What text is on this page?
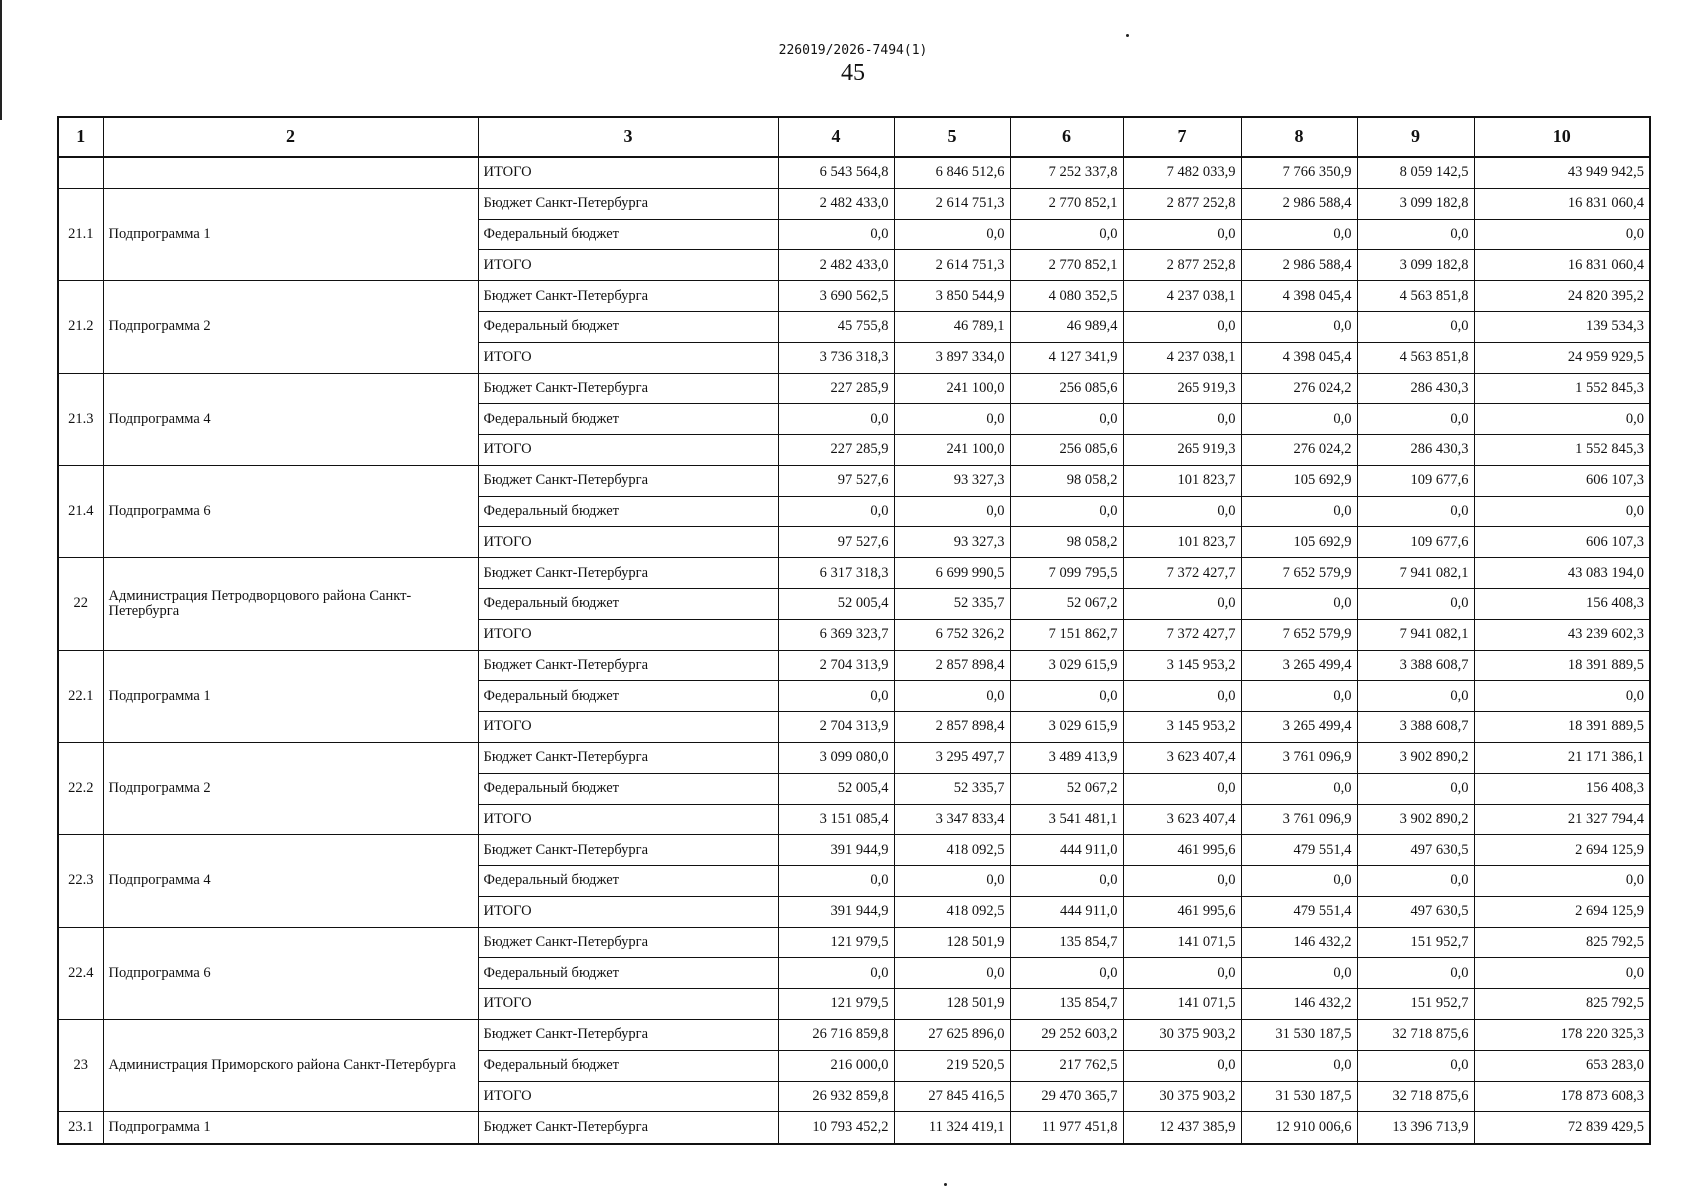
226019/2026-7494(1)
45
1	2	3	4	5	6	7	8	9	10
		ИТОГО	6 543 564,8	6 846 512,6	7 252 337,8	7 482 033,9	7 766 350,9	8 059 142,5	43 949 942,5
21.1	Подпрограмма 1	Бюджет Санкт-Петербурга	2 482 433,0	2 614 751,3	2 770 852,1	2 877 252,8	2 986 588,4	3 099 182,8	16 831 060,4
		Федеральный бюджет	0,0	0,0	0,0	0,0	0,0	0,0	0,0
		ИТОГО	2 482 433,0	2 614 751,3	2 770 852,1	2 877 252,8	2 986 588,4	3 099 182,8	16 831 060,4
21.2	Подпрограмма 2	Бюджет Санкт-Петербурга	3 690 562,5	3 850 544,9	4 080 352,5	4 237 038,1	4 398 045,4	4 563 851,8	24 820 395,2
		Федеральный бюджет	45 755,8	46 789,1	46 989,4	0,0	0,0	0,0	139 534,3
		ИТОГО	3 736 318,3	3 897 334,0	4 127 341,9	4 237 038,1	4 398 045,4	4 563 851,8	24 959 929,5
21.3	Подпрограмма 4	Бюджет Санкт-Петербурга	227 285,9	241 100,0	256 085,6	265 919,3	276 024,2	286 430,3	1 552 845,3
		Федеральный бюджет	0,0	0,0	0,0	0,0	0,0	0,0	0,0
		ИТОГО	227 285,9	241 100,0	256 085,6	265 919,3	276 024,2	286 430,3	1 552 845,3
21.4	Подпрограмма 6	Бюджет Санкт-Петербурга	97 527,6	93 327,3	98 058,2	101 823,7	105 692,9	109 677,6	606 107,3
		Федеральный бюджет	0,0	0,0	0,0	0,0	0,0	0,0	0,0
		ИТОГО	97 527,6	93 327,3	98 058,2	101 823,7	105 692,9	109 677,6	606 107,3
22	Администрация Петродворцового района Санкт-Петербурга	Бюджет Санкт-Петербурга	6 317 318,3	6 699 990,5	7 099 795,5	7 372 427,7	7 652 579,9	7 941 082,1	43 083 194,0
		Федеральный бюджет	52 005,4	52 335,7	52 067,2	0,0	0,0	0,0	156 408,3
		ИТОГО	6 369 323,7	6 752 326,2	7 151 862,7	7 372 427,7	7 652 579,9	7 941 082,1	43 239 602,3
22.1	Подпрограмма 1	Бюджет Санкт-Петербурга	2 704 313,9	2 857 898,4	3 029 615,9	3 145 953,2	3 265 499,4	3 388 608,7	18 391 889,5
		Федеральный бюджет	0,0	0,0	0,0	0,0	0,0	0,0	0,0
		ИТОГО	2 704 313,9	2 857 898,4	3 029 615,9	3 145 953,2	3 265 499,4	3 388 608,7	18 391 889,5
22.2	Подпрограмма 2	Бюджет Санкт-Петербурга	3 099 080,0	3 295 497,7	3 489 413,9	3 623 407,4	3 761 096,9	3 902 890,2	21 171 386,1
		Федеральный бюджет	52 005,4	52 335,7	52 067,2	0,0	0,0	0,0	156 408,3
		ИТОГО	3 151 085,4	3 347 833,4	3 541 481,1	3 623 407,4	3 761 096,9	3 902 890,2	21 327 794,4
22.3	Подпрограмма 4	Бюджет Санкт-Петербурга	391 944,9	418 092,5	444 911,0	461 995,6	479 551,4	497 630,5	2 694 125,9
		Федеральный бюджет	0,0	0,0	0,0	0,0	0,0	0,0	0,0
		ИТОГО	391 944,9	418 092,5	444 911,0	461 995,6	479 551,4	497 630,5	2 694 125,9
22.4	Подпрограмма 6	Бюджет Санкт-Петербурга	121 979,5	128 501,9	135 854,7	141 071,5	146 432,2	151 952,7	825 792,5
		Федеральный бюджет	0,0	0,0	0,0	0,0	0,0	0,0	0,0
		ИТОГО	121 979,5	128 501,9	135 854,7	141 071,5	146 432,2	151 952,7	825 792,5
23	Администрация Приморского района Санкт-Петербурга	Бюджет Санкт-Петербурга	26 716 859,8	27 625 896,0	29 252 603,2	30 375 903,2	31 530 187,5	32 718 875,6	178 220 325,3
		Федеральный бюджет	216 000,0	219 520,5	217 762,5	0,0	0,0	0,0	653 283,0
		ИТОГО	26 932 859,8	27 845 416,5	29 470 365,7	30 375 903,2	31 530 187,5	32 718 875,6	178 873 608,3
23.1	Подпрограмма 1	Бюджет Санкт-Петербурга	10 793 452,2	11 324 419,1	11 977 451,8	12 437 385,9	12 910 006,6	13 396 713,9	72 839 429,5
